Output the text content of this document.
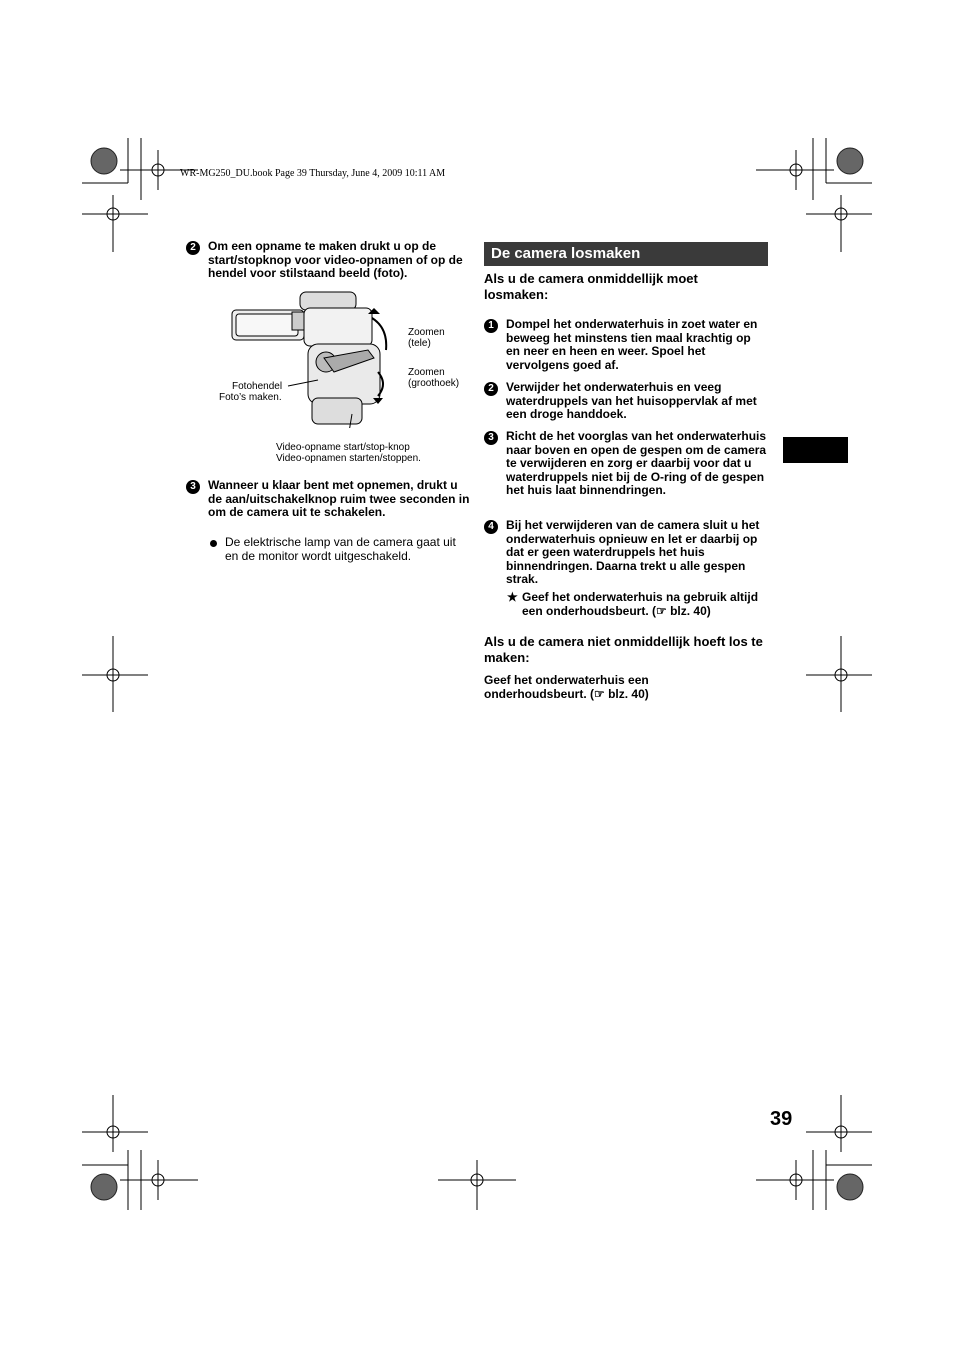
WR-MG250_DU.book Page 39 Thursday, June 4, 2009 10:11 AM
2	Om een opname te maken drukt u op de start/stopknop voor video-opnamen of op de hendel voor stilstaand beeld (foto).
Zoomen (tele)
Zoomen (groothoek)
Fotohendel
Foto’s maken.
Video-opname start/stop-knop
Video-opnamen starten/stoppen.
3	Wanneer u klaar bent met opnemen, drukt u de aan/uitschakelknop ruim twee seconden in om de camera uit te schakelen.
De elektrische lamp van de camera gaat uit en de monitor wordt uitgeschakeld.
De camera losmaken
Als u de camera onmiddellijk moet losmaken:
1	Dompel het onderwaterhuis in zoet water en beweeg het minstens tien maal krachtig op en neer en heen en weer. Spoel het vervolgens goed af.
2	Verwijder het onderwaterhuis en veeg waterdruppels van het huisoppervlak af met een droge handdoek.
3	Richt de het voorglas van het onderwaterhuis naar boven en open de gespen om de camera te verwijderen en zorg er daarbij voor dat u waterdruppels niet bij de O-ring of de gespen het huis laat binnendringen.
4	Bij het verwijderen van de camera sluit u het onderwaterhuis opnieuw en let er daarbij op dat er geen waterdruppels het huis binnendringen. Daarna trekt u alle gespen strak.
★ Geef het onderwaterhuis na gebruik altijd een onderhoudsbeurt. (☞ blz. 40)
Als u de camera niet onmiddellijk hoeft los te maken:
Geef het onderwaterhuis een onderhoudsbeurt. (☞ blz. 40)
39
